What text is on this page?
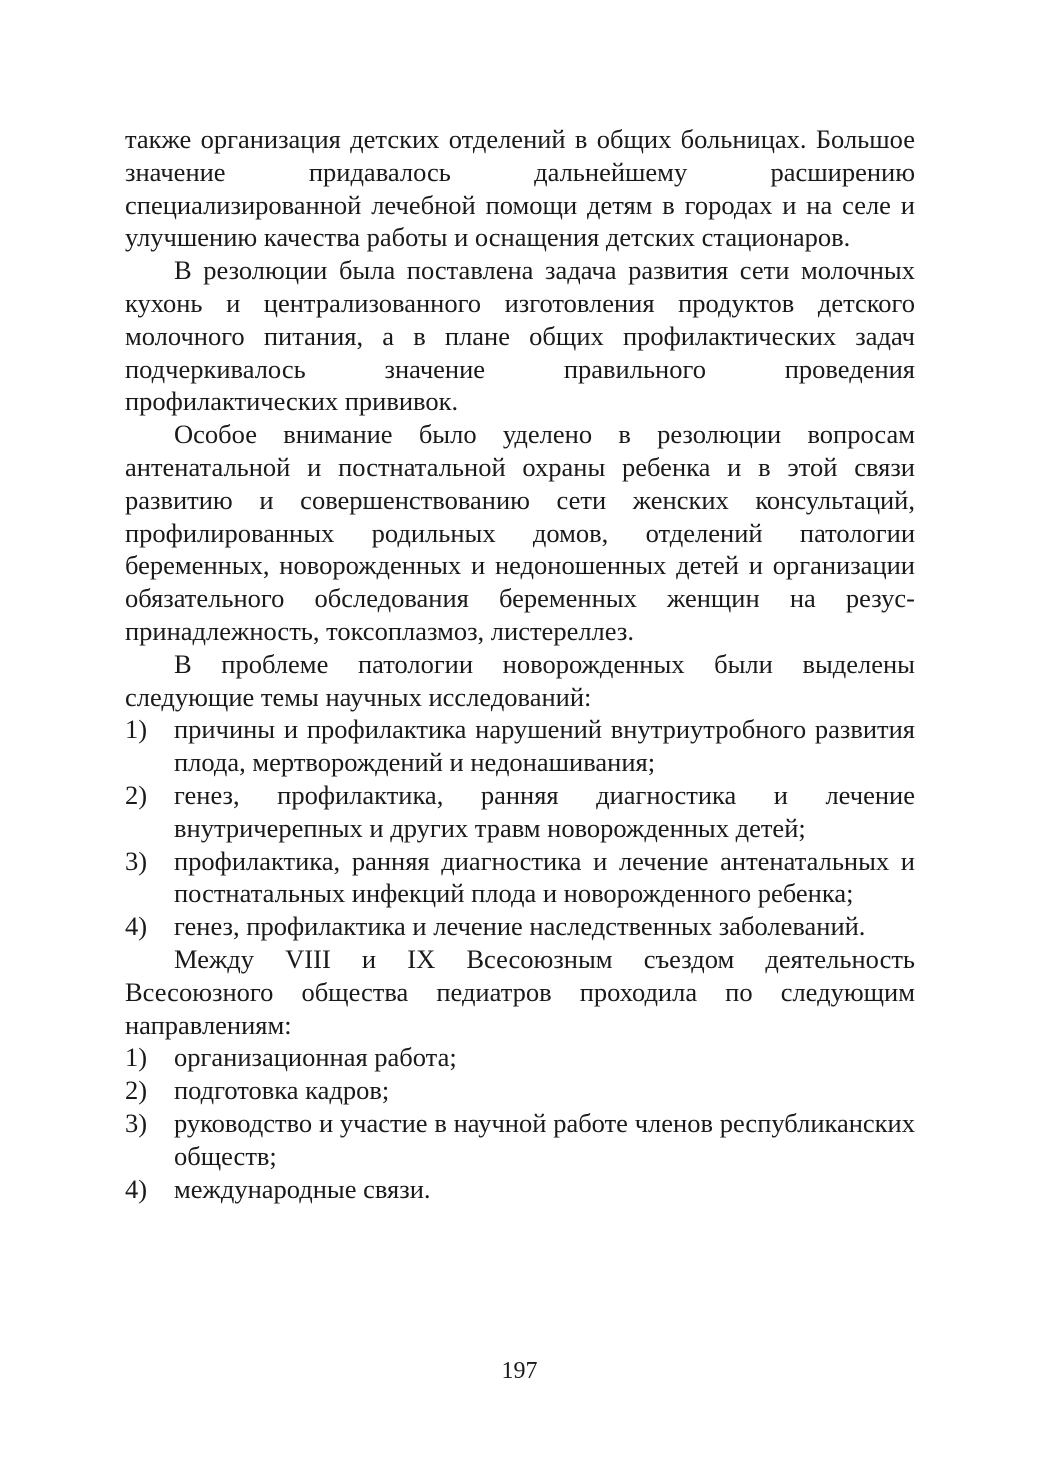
также организация детских отделений в общих больницах. Большое значение придавалось дальнейшему расширению специализированной лечебной помощи детям в городах и на селе и улучшению качества работы и оснащения детских стационаров.

В резолюции была поставлена задача развития сети молочных кухонь и централизованного изготовления продуктов детского молочного питания, а в плане общих профилактических задач подчеркивалось значение правильного проведения профилактических прививок.

Особое внимание было уделено в резолюции вопросам антенатальной и постнатальной охраны ребенка и в этой связи развитию и совершенствованию сети женских консультаций, профилированных родильных домов, отделений патологии беременных, новорожденных и недоношенных детей и организации обязательного обследования беременных женщин на резус-принадлежность, токсоплазмоз, листереллез.

В проблеме патологии новорожденных были выделены следующие темы научных исследований:

1) причины и профилактика нарушений внутриутробного развития плода, мертворождений и недонашивания;
2) генез, профилактика, ранняя диагностика и лечение внутричерепных и других травм новорожденных детей;
3) профилактика, ранняя диагностика и лечение антенатальных и постнатальных инфекций плода и новорожденного ребенка;
4) генез, профилактика и лечение наследственных заболеваний.

Между VIII и IX Всесоюзным съездом деятельность Всесоюзного общества педиатров проходила по следующим направлениям:

1) организационная работа;
2) подготовка кадров;
3) руководство и участие в научной работе членов республиканских обществ;
4) международные связи.
197
